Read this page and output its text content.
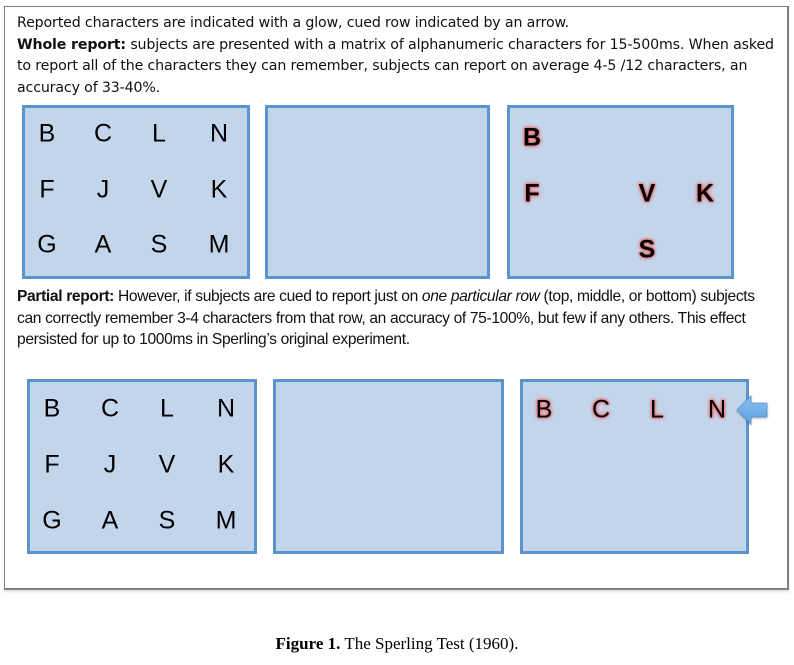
Reported characters are indicated with a glow, cued row indicated by an arrow.
Whole report: subjects are presented with a matrix of alphanumeric characters for 15-500ms. When asked to report all of the characters they can remember, subjects can report on average 4-5 /12 characters, an accuracy of 33-40%.
B C L N
F J V K
G A S M
B
F	V K
S
Partial report: However, if subjects are cued to report just on one particular row (top, middle, or bottom) subjects can correctly remember 3-4 characters from that row, an accuracy of 75-100%, but few if any others. This effect persisted for up to 1000ms in Sperling’s original experiment.
B C L N
F J V K
G A S M
B C L N
Figure 1. The Sperling Test (1960).
